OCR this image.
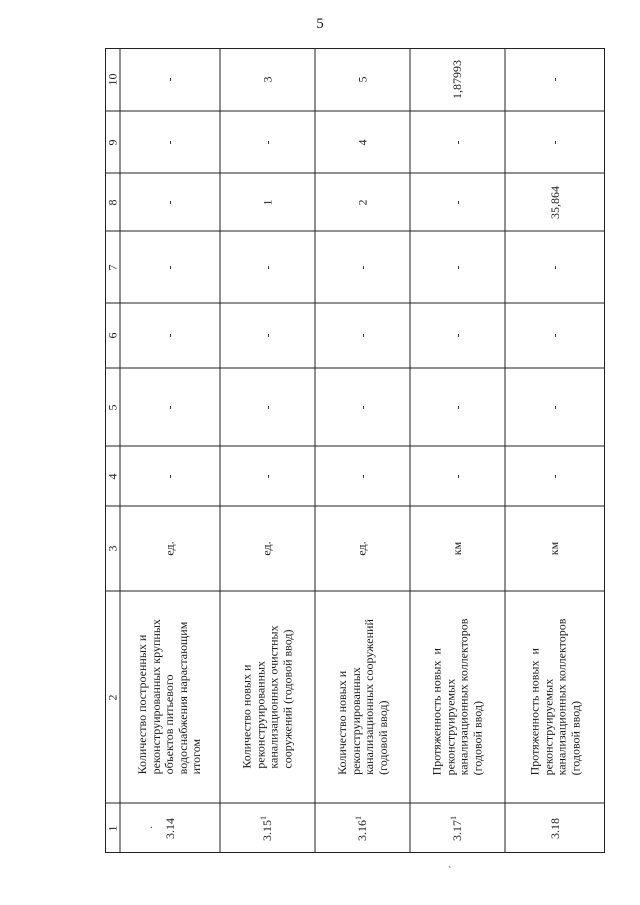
5
1
2
3
4
5
6
7
8
9
10
3.14
Количество построенных и реконструированных крупных объектов питьевого водоснабжения нарастающим итогом
ед.
-
-
-
-
-
-
-
3.15$^1$
Количество новых и реконструированных канализационных очистных сооружений (годовой ввод)
ед.
-
-
-
-
1
-
3
3.16$^1$
Количество новых и реконструированных канализационных сооружений (годовой ввод)
ед.
-
-
-
-
2
4
5
3.17$^1$
Протяженность новых  и реконструируемых канализационных коллекторов (годовой ввод)
км
-
-
-
-
-
-
1,87993
3.18
Протяженность новых  и реконструируемых канализационных коллекторов (годовой ввод)
км
-
-
-
-
35,864
-
-
.
`
